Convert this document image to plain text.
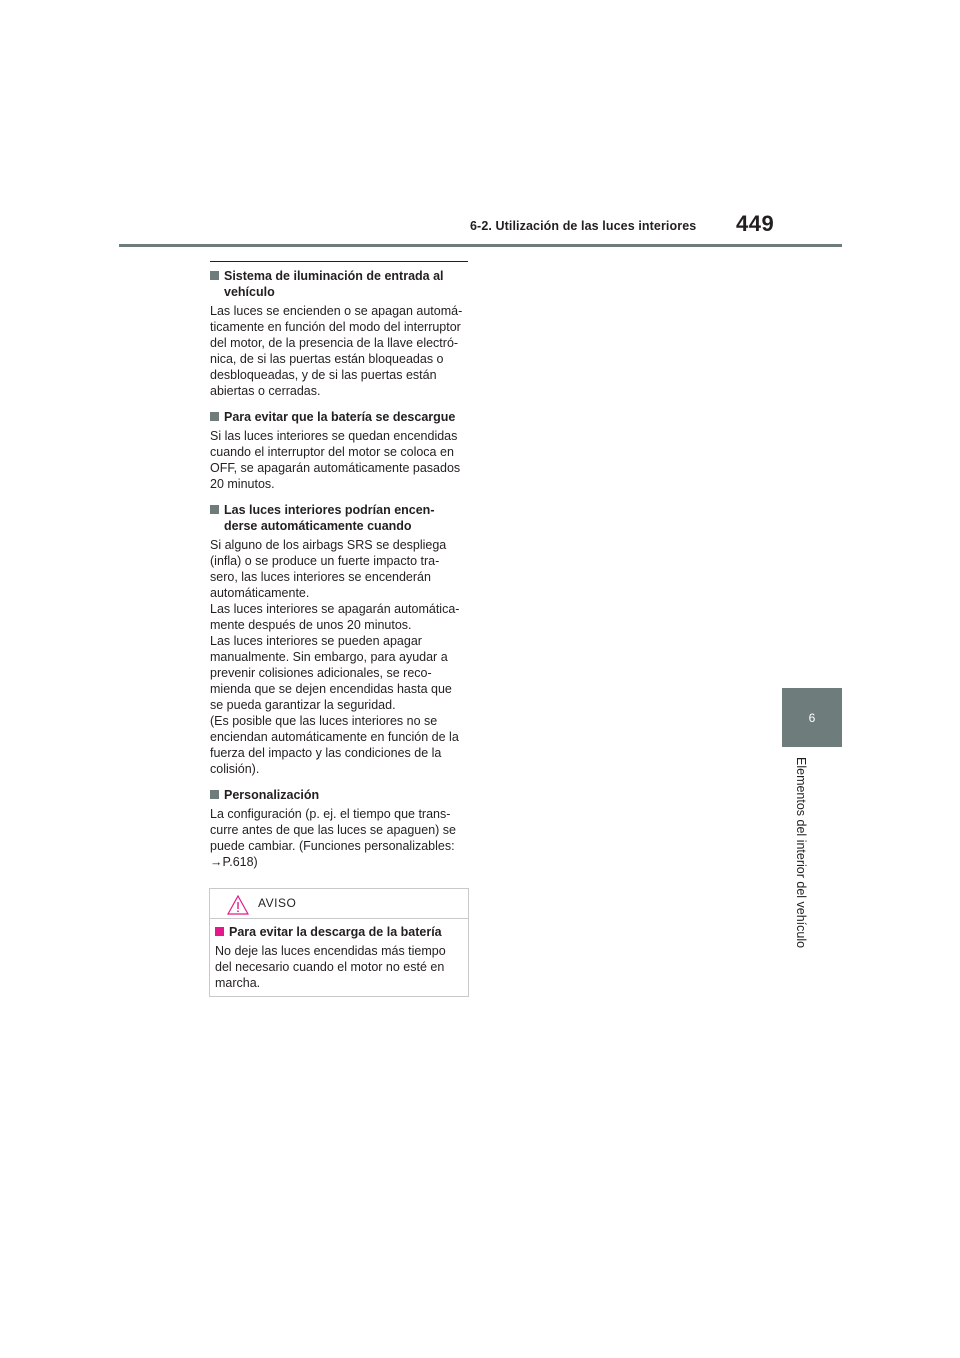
6-2. Utilización de las luces interiores 449
6
Elementos del interior del vehículo
Sistema de iluminación de entrada al
vehículo
Las luces se encienden o se apagan automá-
ticamente en función del modo del interruptor
del motor, de la presencia de la llave electró-
nica, de si las puertas están bloqueadas o
desbloqueadas, y de si las puertas están
abiertas o cerradas.
Para evitar que la batería se descargue
Si las luces interiores se quedan encendidas
cuando el interruptor del motor se coloca en
OFF, se apagarán automáticamente pasados
20 minutos.
Las luces interiores podrían encen-
derse automáticamente cuando
Si alguno de los airbags SRS se despliega
(infla) o se produce un fuerte impacto tra-
sero, las luces interiores se encenderán
automáticamente.
Las luces interiores se apagarán automática-
mente después de unos 20 minutos.
Las luces interiores se pueden apagar
manualmente. Sin embargo, para ayudar a
prevenir colisiones adicionales, se reco-
mienda que se dejen encendidas hasta que
se pueda garantizar la seguridad.
(Es posible que las luces interiores no se
enciendan automáticamente en función de la
fuerza del impacto y las condiciones de la
colisión).
Personalización
La configuración (p. ej. el tiempo que trans-
curre antes de que las luces se apaguen) se
puede cambiar. (Funciones personalizables:
→P.618)
AVISO
Para evitar la descarga de la batería
No deje las luces encendidas más tiempo
del necesario cuando el motor no esté en
marcha.
